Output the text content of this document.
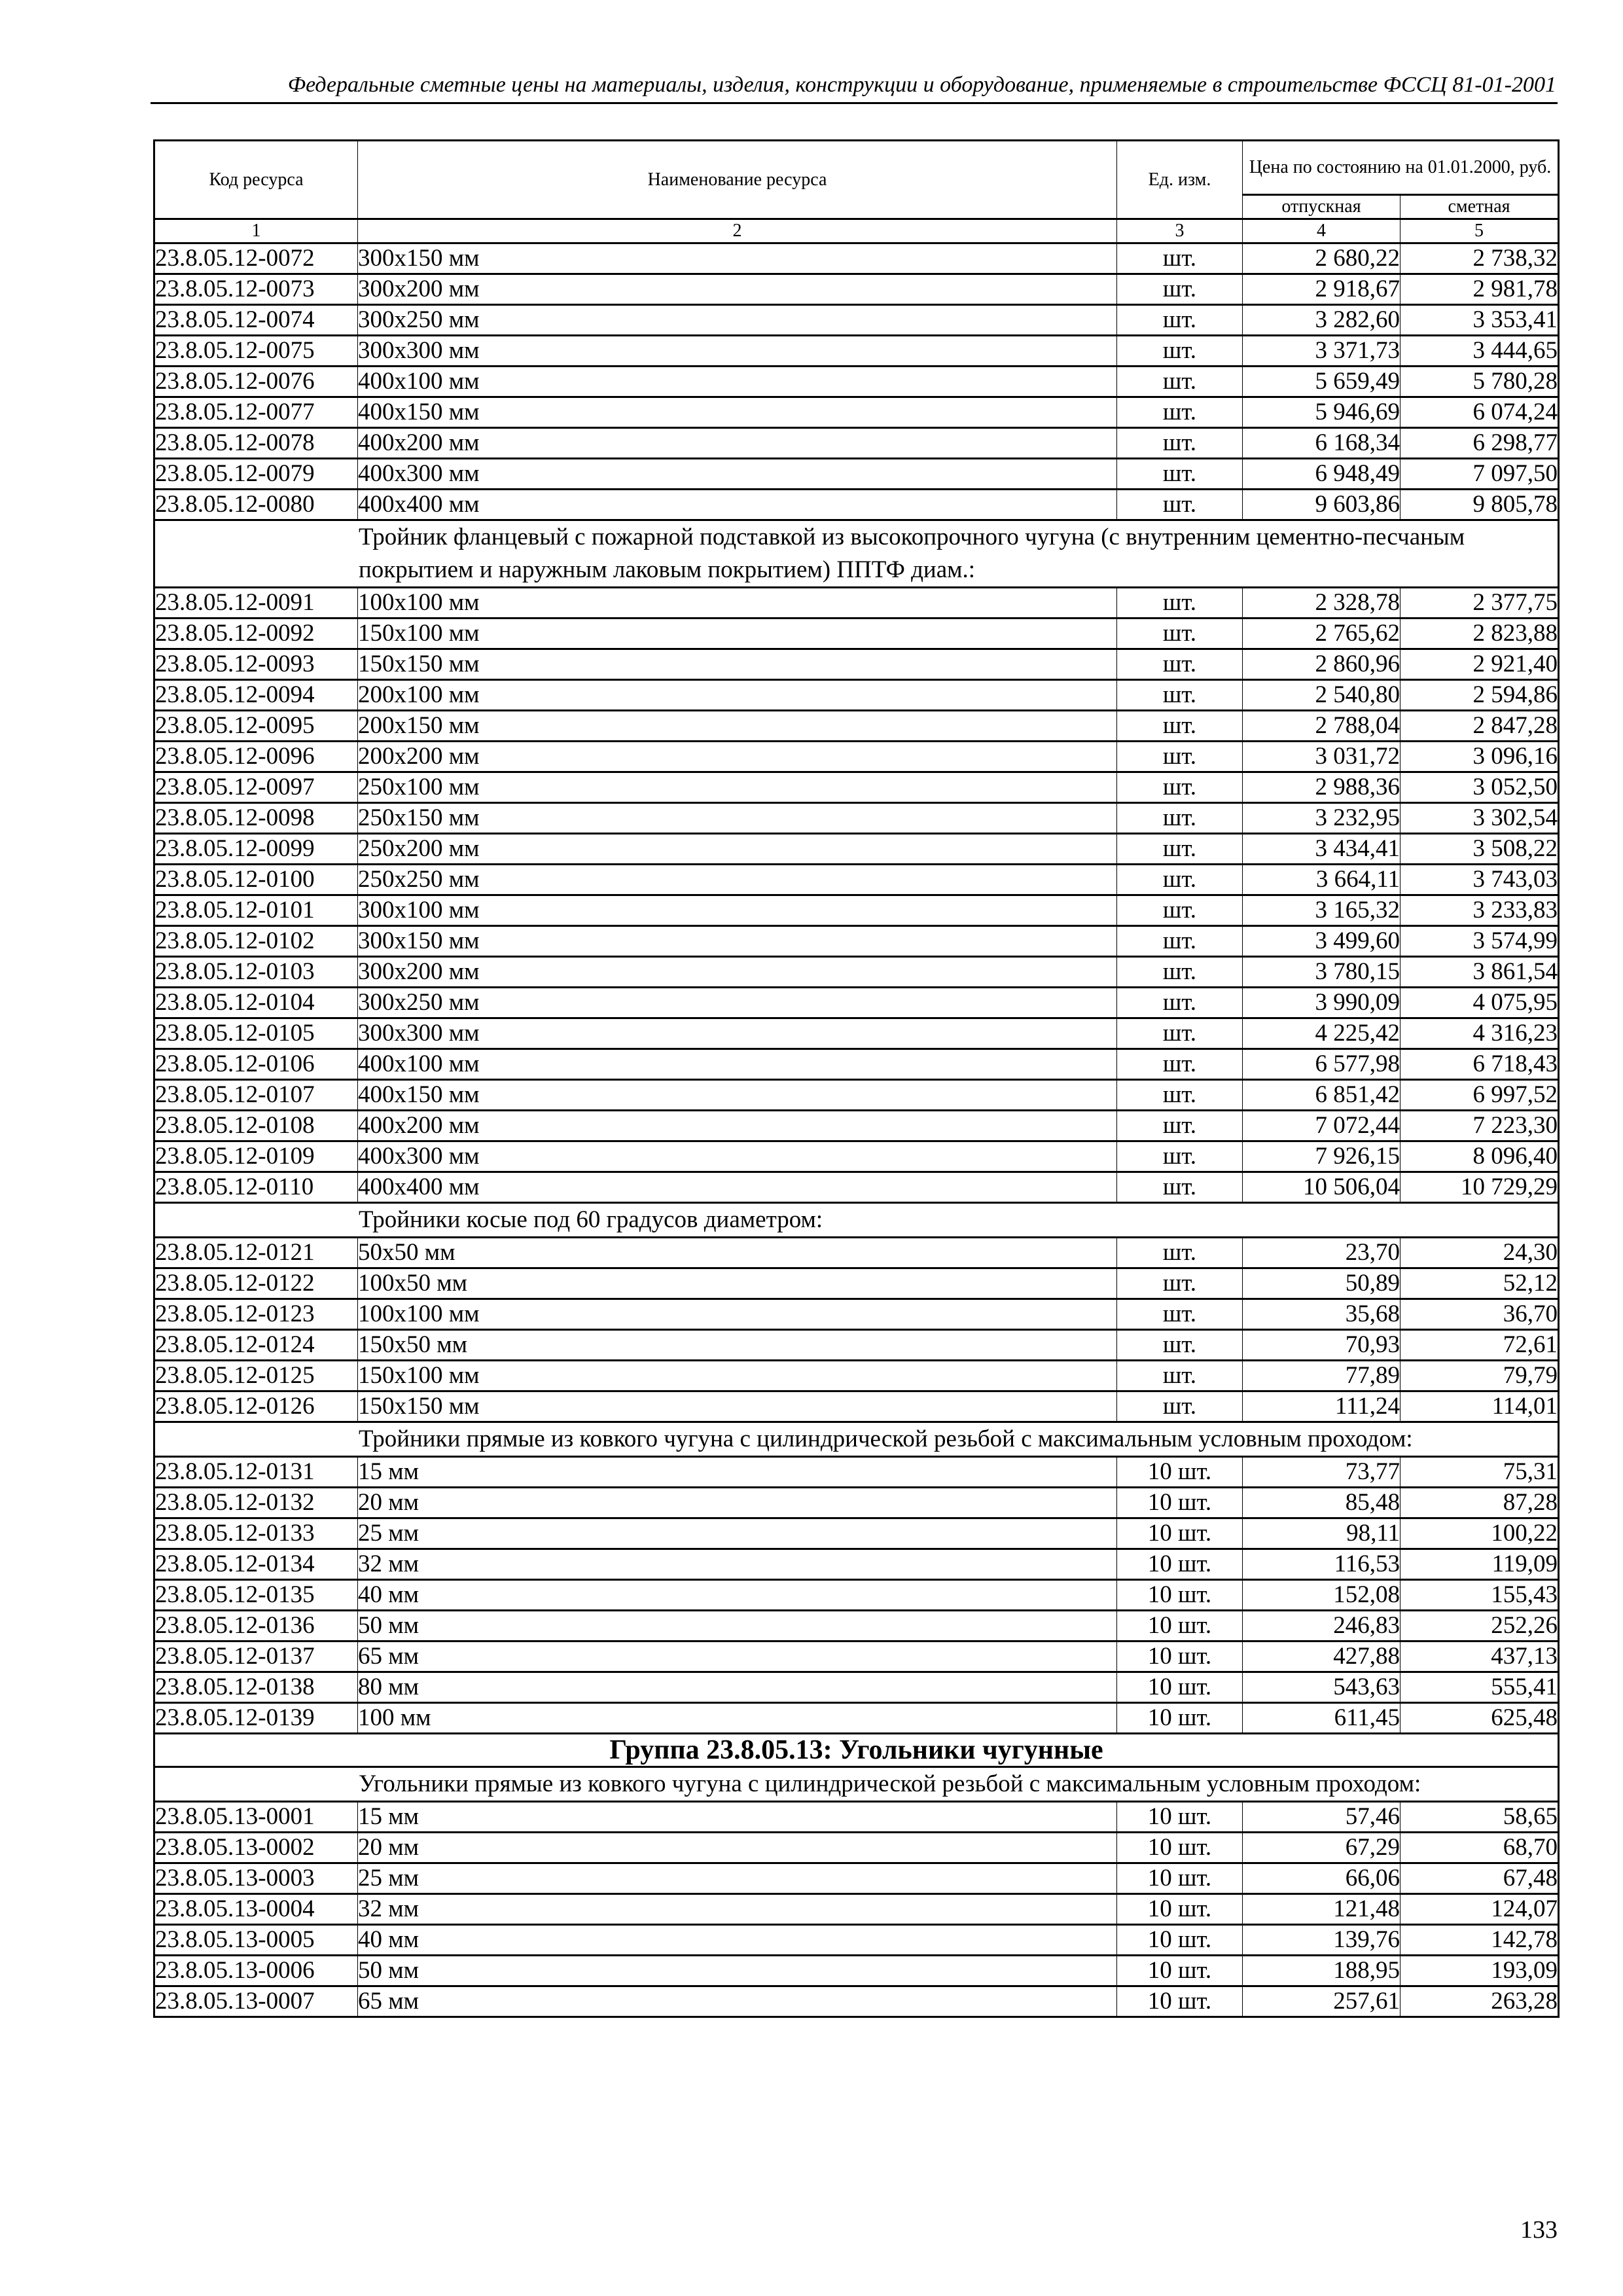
Федеральные сметные цены на материалы, изделия, конструкции и оборудование, применяемые в строительстве ФССЦ 81-01-2001
Код ресурса	Наименование ресурса	Ед. изм.	Цена по состоянию на 01.01.2000, руб.	
			отпускная	сметная
1	2	3	4	5
23.8.05.12-0072	300x150 мм	шт.	2 680,22	2 738,32
23.8.05.12-0073	300x200 мм	шт.	2 918,67	2 981,78
23.8.05.12-0074	300x250 мм	шт.	3 282,60	3 353,41
23.8.05.12-0075	300x300 мм	шт.	3 371,73	3 444,65
23.8.05.12-0076	400x100 мм	шт.	5 659,49	5 780,28
23.8.05.12-0077	400x150 мм	шт.	5 946,69	6 074,24
23.8.05.12-0078	400x200 мм	шт.	6 168,34	6 298,77
23.8.05.12-0079	400x300 мм	шт.	6 948,49	7 097,50
23.8.05.12-0080	400x400 мм	шт.	9 603,86	9 805,78
Тройник фланцевый с пожарной подставкой из высокопрочного чугуна (с внутренним цементно-песчаным покрытием и наружным лаковым покрытием) ППТФ диам.:				
23.8.05.12-0091	100x100 мм	шт.	2 328,78	2 377,75
23.8.05.12-0092	150x100 мм	шт.	2 765,62	2 823,88
23.8.05.12-0093	150x150 мм	шт.	2 860,96	2 921,40
23.8.05.12-0094	200x100 мм	шт.	2 540,80	2 594,86
23.8.05.12-0095	200x150 мм	шт.	2 788,04	2 847,28
23.8.05.12-0096	200x200 мм	шт.	3 031,72	3 096,16
23.8.05.12-0097	250x100 мм	шт.	2 988,36	3 052,50
23.8.05.12-0098	250x150 мм	шт.	3 232,95	3 302,54
23.8.05.12-0099	250x200 мм	шт.	3 434,41	3 508,22
23.8.05.12-0100	250x250 мм	шт.	3 664,11	3 743,03
23.8.05.12-0101	300x100 мм	шт.	3 165,32	3 233,83
23.8.05.12-0102	300x150 мм	шт.	3 499,60	3 574,99
23.8.05.12-0103	300x200 мм	шт.	3 780,15	3 861,54
23.8.05.12-0104	300x250 мм	шт.	3 990,09	4 075,95
23.8.05.12-0105	300x300 мм	шт.	4 225,42	4 316,23
23.8.05.12-0106	400x100 мм	шт.	6 577,98	6 718,43
23.8.05.12-0107	400x150 мм	шт.	6 851,42	6 997,52
23.8.05.12-0108	400x200 мм	шт.	7 072,44	7 223,30
23.8.05.12-0109	400x300 мм	шт.	7 926,15	8 096,40
23.8.05.12-0110	400x400 мм	шт.	10 506,04	10 729,29
Тройники косые под 60 градусов диаметром:				
23.8.05.12-0121	50x50 мм	шт.	23,70	24,30
23.8.05.12-0122	100x50 мм	шт.	50,89	52,12
23.8.05.12-0123	100x100 мм	шт.	35,68	36,70
23.8.05.12-0124	150x50 мм	шт.	70,93	72,61
23.8.05.12-0125	150x100 мм	шт.	77,89	79,79
23.8.05.12-0126	150x150 мм	шт.	111,24	114,01
Тройники прямые из ковкого чугуна с цилиндрической резьбой с максимальным условным проходом:				
23.8.05.12-0131	15 мм	10 шт.	73,77	75,31
23.8.05.12-0132	20 мм	10 шт.	85,48	87,28
23.8.05.12-0133	25 мм	10 шт.	98,11	100,22
23.8.05.12-0134	32 мм	10 шт.	116,53	119,09
23.8.05.12-0135	40 мм	10 шт.	152,08	155,43
23.8.05.12-0136	50 мм	10 шт.	246,83	252,26
23.8.05.12-0137	65 мм	10 шт.	427,88	437,13
23.8.05.12-0138	80 мм	10 шт.	543,63	555,41
23.8.05.12-0139	100 мм	10 шт.	611,45	625,48
Группа 23.8.05.13: Угольники чугунные				
Угольники прямые из ковкого чугуна с цилиндрической резьбой с максимальным условным проходом:				
23.8.05.13-0001	15 мм	10 шт.	57,46	58,65
23.8.05.13-0002	20 мм	10 шт.	67,29	68,70
23.8.05.13-0003	25 мм	10 шт.	66,06	67,48
23.8.05.13-0004	32 мм	10 шт.	121,48	124,07
23.8.05.13-0005	40 мм	10 шт.	139,76	142,78
23.8.05.13-0006	50 мм	10 шт.	188,95	193,09
23.8.05.13-0007	65 мм	10 шт.	257,61	263,28
133
